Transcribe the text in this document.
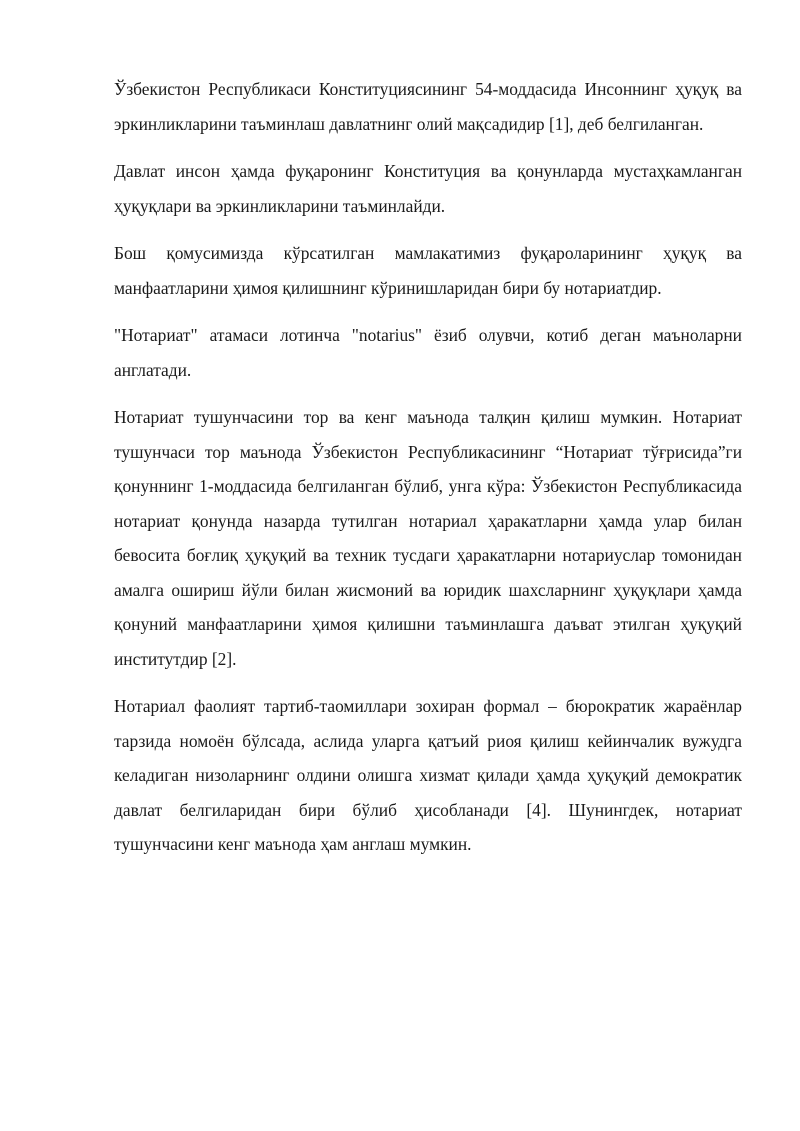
Ўзбекистон Республикаси Конституциясининг 54-моддасида Инсоннинг ҳуқуқ ва эркинликларини таъминлаш давлатнинг олий мақсадидир [1], деб белгиланган.

Давлат инсон ҳамда фуқаронинг Конституция ва қонунларда мустаҳкамланган ҳуқуқлари ва эркинликларини таъминлайди.

Бош қомусимизда кўрсатилган мамлакатимиз фуқароларининг ҳуқуқ ва манфаатларини ҳимоя қилишнинг кўринишларидан бири бу нотариатдир.

"Нотариат" атамаси лотинча "notarius" ёзиб олувчи, котиб деган маъноларни англатади.

Нотариат тушунчасини тор ва кенг маънода талқин қилиш мумкин. Нотариат тушунчаси тор маънода Ўзбекистон Республикасининг “Нотариат тўғрисида”ги қонуннинг 1-моддасида белгиланган бўлиб, унга кўра: Ўзбекистон Республикасида нотариат қонунда назарда тутилган нотариал ҳаракатларни ҳамда улар билан бевосита боғлиқ ҳуқуқий ва техник тусдаги ҳаракатларни нотариуслар томонидан амалга ошириш йўли билан жисмоний ва юридик шахсларнинг ҳуқуқлари ҳамда қонуний манфаатларини ҳимоя қилишни таъминлашга даъват этилган ҳуқуқий институтдир [2].

Нотариал фаолият тартиб-таомиллари зохиран формал – бюрократик жараёнлар тарзида номоён бўлсада, аслида уларга қатъий риоя қилиш кейинчалик вужудга келадиган низоларнинг олдини олишга хизмат қилади ҳамда ҳуқуқий демократик давлат белгиларидан бири бўлиб ҳисобланади [4]. Шунингдек, нотариат тушунчасини кенг маънода ҳам англаш мумкин.
